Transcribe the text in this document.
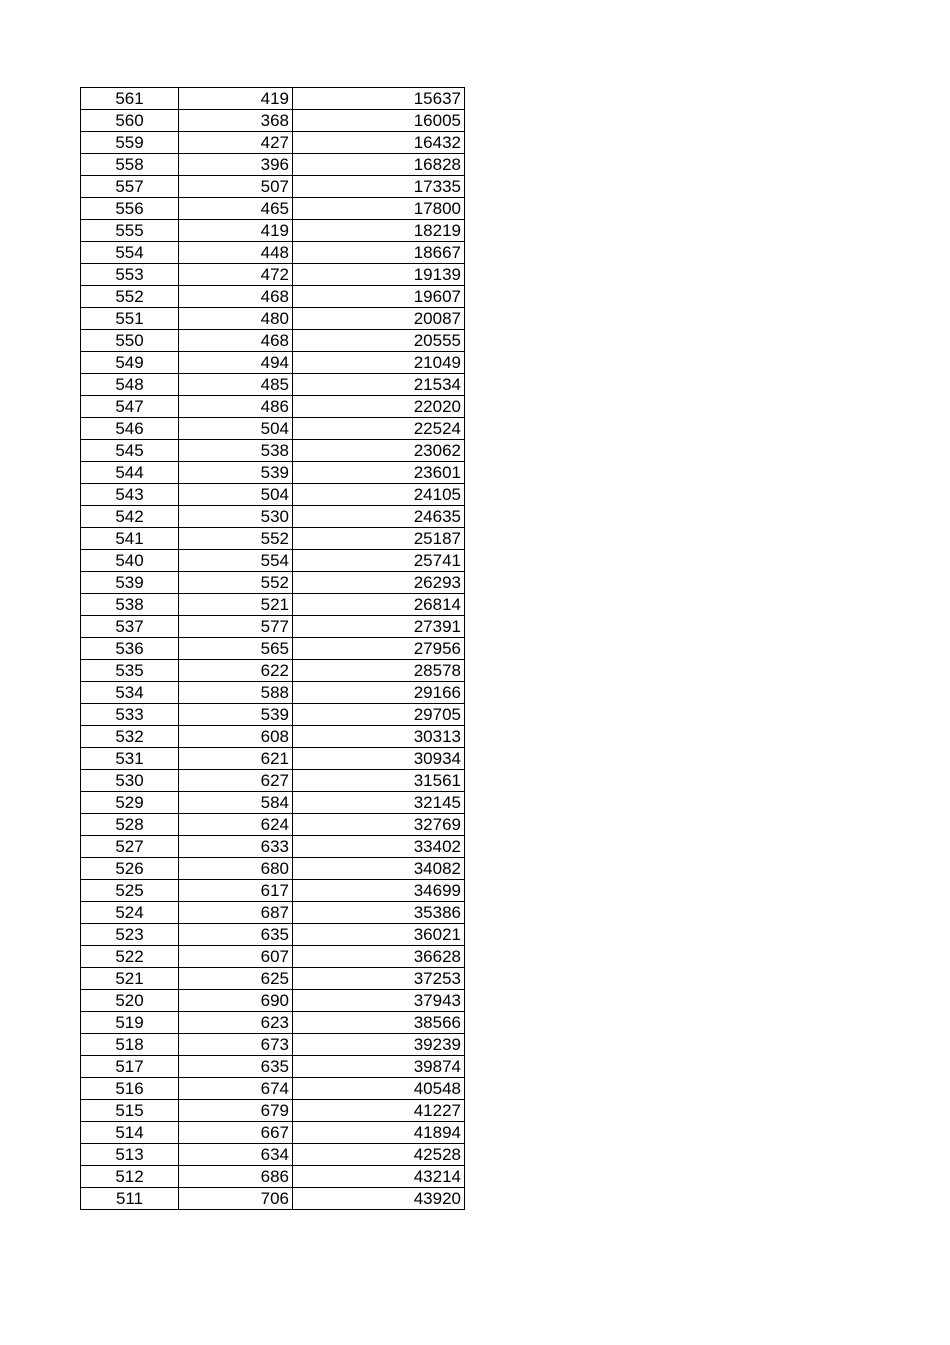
561	419	15637
560	368	16005
559	427	16432
558	396	16828
557	507	17335
556	465	17800
555	419	18219
554	448	18667
553	472	19139
552	468	19607
551	480	20087
550	468	20555
549	494	21049
548	485	21534
547	486	22020
546	504	22524
545	538	23062
544	539	23601
543	504	24105
542	530	24635
541	552	25187
540	554	25741
539	552	26293
538	521	26814
537	577	27391
536	565	27956
535	622	28578
534	588	29166
533	539	29705
532	608	30313
531	621	30934
530	627	31561
529	584	32145
528	624	32769
527	633	33402
526	680	34082
525	617	34699
524	687	35386
523	635	36021
522	607	36628
521	625	37253
520	690	37943
519	623	38566
518	673	39239
517	635	39874
516	674	40548
515	679	41227
514	667	41894
513	634	42528
512	686	43214
511	706	43920
